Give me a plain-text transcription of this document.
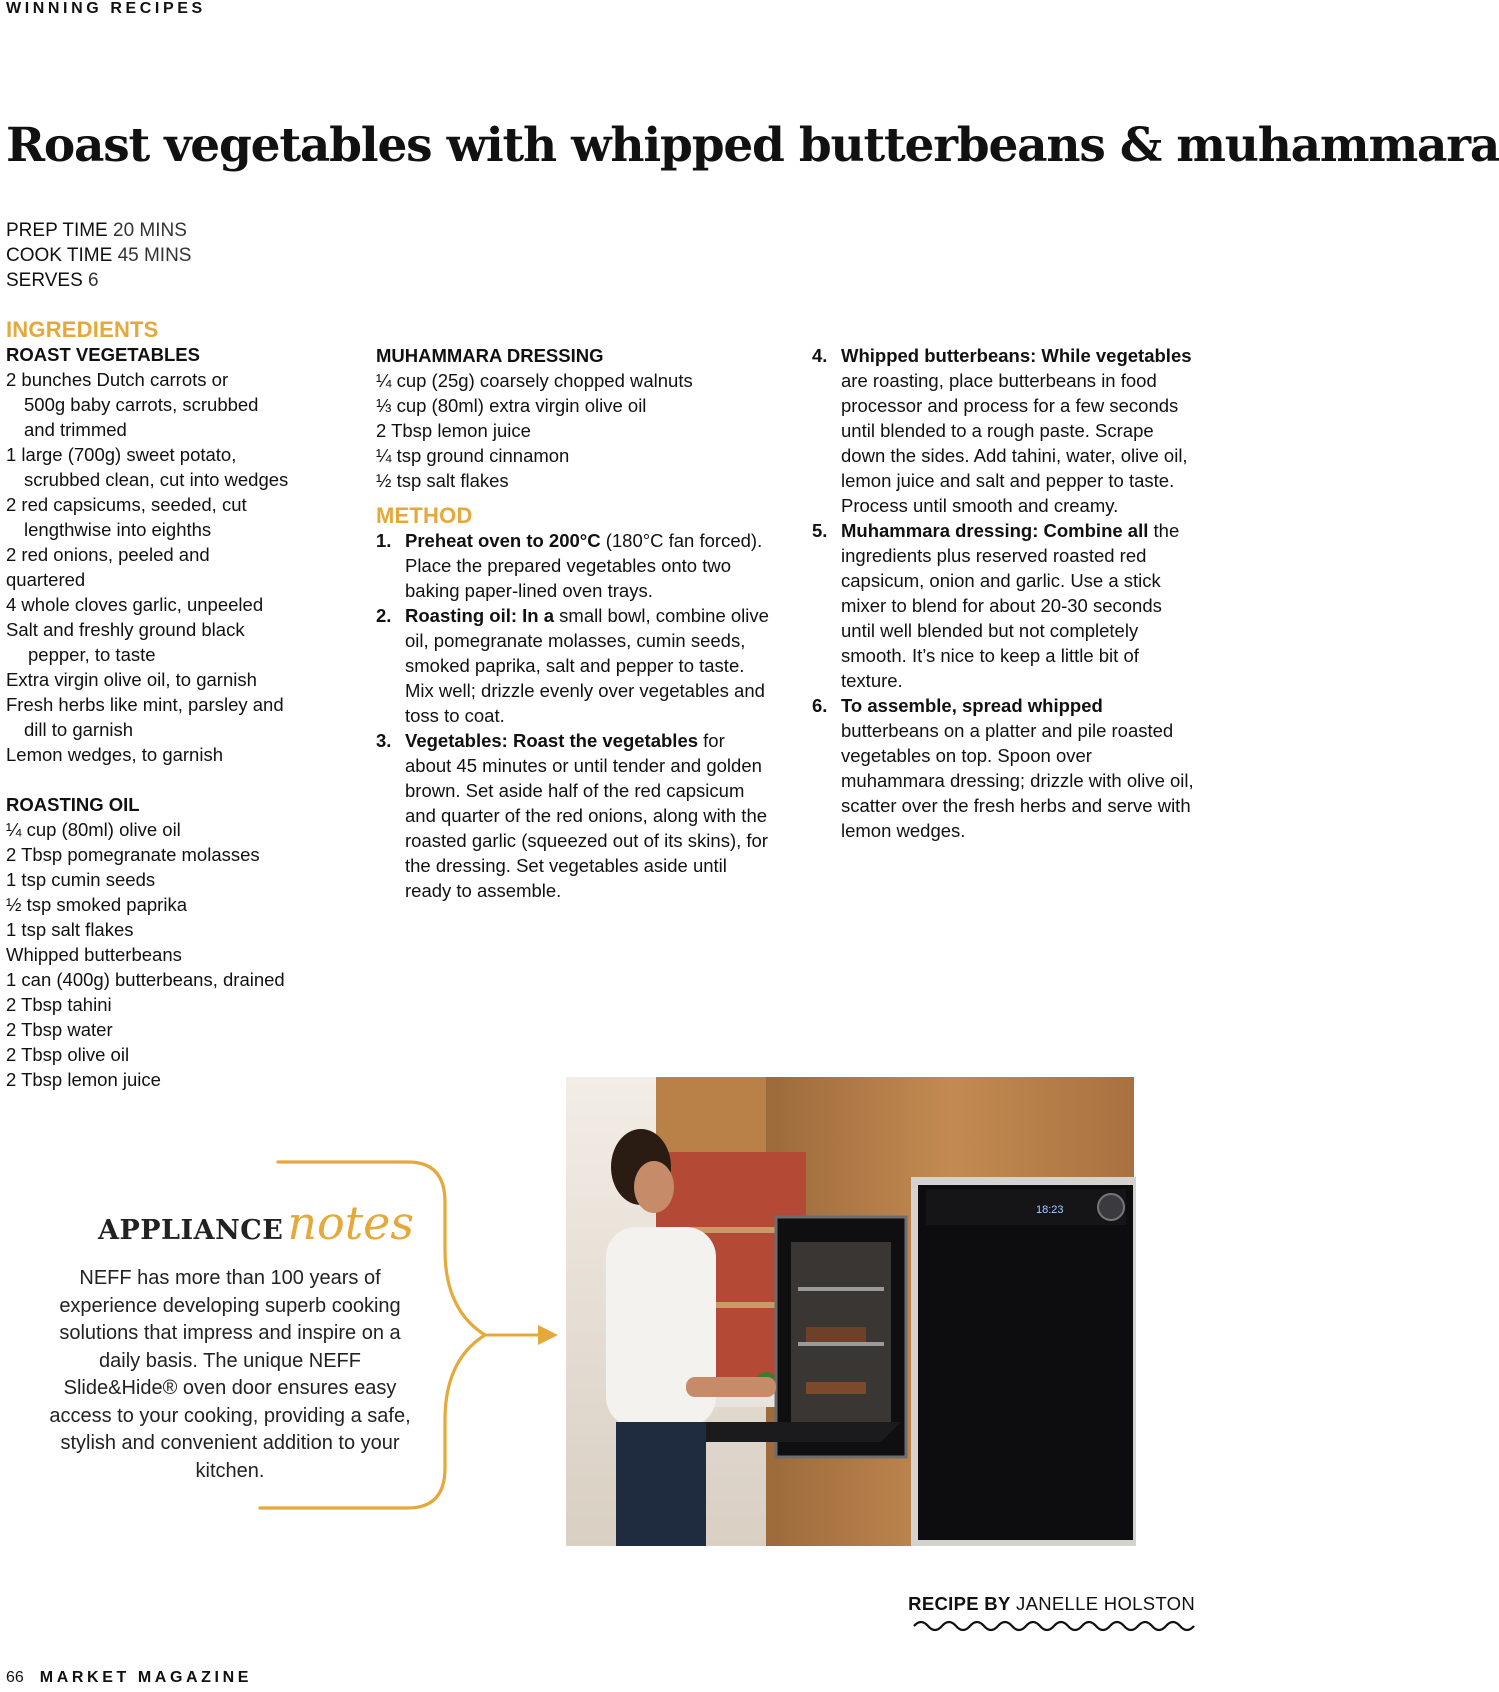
WINNING RECIPES
Roast vegetables with whipped butterbeans & muhammara
PREP TIME 20 MINS
COOK TIME 45 MINS
SERVES 6
INGREDIENTS
ROAST VEGETABLES
2 bunches Dutch carrots or
500g baby carrots, scrubbed
and trimmed
1 large (700g) sweet potato,
scrubbed clean, cut into wedges
2 red capsicums, seeded, cut
lengthwise into eighths
2 red onions, peeled and
quartered
4 whole cloves garlic, unpeeled
Salt and freshly ground black
pepper, to taste
Extra virgin olive oil, to garnish
Fresh herbs like mint, parsley and
dill to garnish
Lemon wedges, to garnish
ROASTING OIL
¼ cup (80ml) olive oil
2 Tbsp pomegranate molasses
1 tsp cumin seeds
½ tsp smoked paprika
1 tsp salt flakes
Whipped butterbeans
1 can (400g) butterbeans, drained
2 Tbsp tahini
2 Tbsp water
2 Tbsp olive oil
2 Tbsp lemon juice
MUHAMMARA DRESSING
¼ cup (25g) coarsely chopped walnuts
⅓ cup (80ml) extra virgin olive oil
2 Tbsp lemon juice
¼ tsp ground cinnamon
½ tsp salt flakes
METHOD
1. Preheat oven to 200°C (180°C fan forced). Place the prepared vegetables onto two baking paper-lined oven trays.
2. Roasting oil: In a small bowl, combine olive oil, pomegranate molasses, cumin seeds, smoked paprika, salt and pepper to taste. Mix well; drizzle evenly over vegetables and toss to coat.
3. Vegetables: Roast the vegetables for about 45 minutes or until tender and golden brown. Set aside half of the red capsicum and quarter of the red onions, along with the roasted garlic (squeezed out of its skins), for the dressing. Set vegetables aside until ready to assemble.
4. Whipped butterbeans: While vegetables are roasting, place butterbeans in food processor and process for a few seconds until blended to a rough paste. Scrape down the sides. Add tahini, water, olive oil, lemon juice and salt and pepper to taste. Process until smooth and creamy.
5. Muhammara dressing: Combine all the ingredients plus reserved roasted red capsicum, onion and garlic. Use a stick mixer to blend for about 20-30 seconds until well blended but not completely smooth. It’s nice to keep a little bit of texture.
6. To assemble, spread whipped butterbeans on a platter and pile roasted vegetables on top. Spoon over muhammara dressing; drizzle with olive oil, scatter over the fresh herbs and serve with lemon wedges.
APPLIANCEnotes
NEFF has more than 100 years of experience developing superb cooking solutions that impress and inspire on a daily basis. The unique NEFF Slide&Hide® oven door ensures easy access to your cooking, providing a safe, stylish and convenient addition to your kitchen.
18:23
RECIPE BY JANELLE HOLSTON
66 MARKET MAGAZINE
